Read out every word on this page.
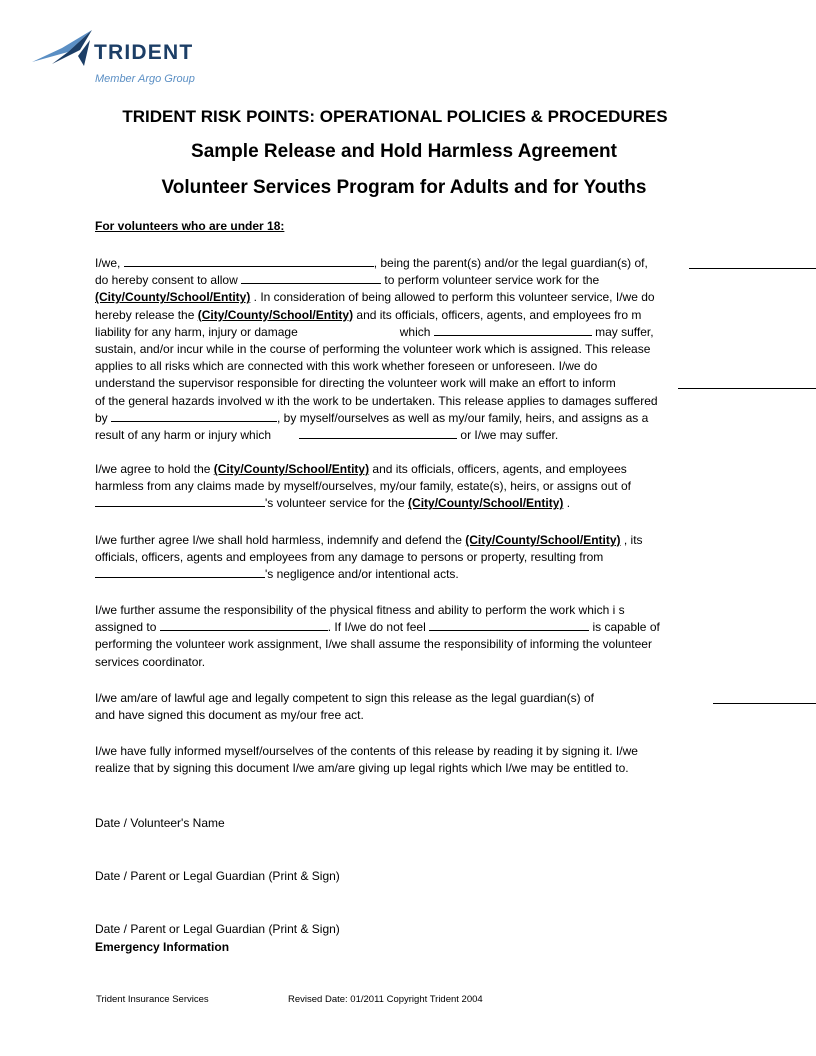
TRIDENT
Member Argo Group
TRIDENT RISK POINTS: OPERATIONAL POLICIES & PROCEDURES
Sample Release and Hold Harmless Agreement
Volunteer Services Program for Adults and for Youths
For volunteers who are under 18:
I/we,	, being the parent(s) and/or the legal guardian(s) of,
do hereby consent to allow	to perform volunteer service work for the
(City/County/School/Entity) . In consideration of being allowed to perform this volunteer service, I/we do
hereby release the (City/County/School/Entity) and its officials, officers, agents, and employees fro m
liability for any harm, injury or damage	which	may suffer,
sustain, and/or incur while in the course of performing the volunteer work which is assigned. This release
applies to all risks which are connected with this work whether foreseen or unforeseen. I/we do
understand the supervisor responsible for directing the volunteer work will make an effort to inform
of the general hazards involved w ith the work to be undertaken. This release applies to damages suffered
by	, by myself/ourselves as well as my/our family, heirs, and assigns as a
result of any harm or injury which	or I/we may suffer.
I/we agree to hold the (City/County/School/Entity) and its officials, officers, agents, and employees
harmless from any claims made by myself/ourselves, my/our family, estate(s), heirs, or assigns out of
's volunteer service for the (City/County/School/Entity) .
I/we further agree I/we shall hold harmless, indemnify and defend the (City/County/School/Entity) , its
officials, officers, agents and employees from any damage to persons or property, resulting from
's negligence and/or intentional acts.
I/we further assume the responsibility of the physical fitness and ability to perform the work which i s
assigned to	. If I/we do not feel	is capable of
performing the volunteer work assignment, I/we shall assume the responsibility of informing the volunteer
services coordinator.
I/we am/are of lawful age and legally competent to sign this release as the legal guardian(s) of
and have signed this document as my/our free act.
I/we have fully informed myself/ourselves of the contents of this release by reading it by signing it. I/we
realize that by signing this document I/we am/are giving up legal rights which I/we may be entitled to.
Date / Volunteer's Name
Date / Parent or Legal Guardian (Print & Sign)
Date / Parent or Legal Guardian (Print & Sign)
Emergency Information
Trident Insurance Services	Revised Date: 01/2011 Copyright Trident 2004
